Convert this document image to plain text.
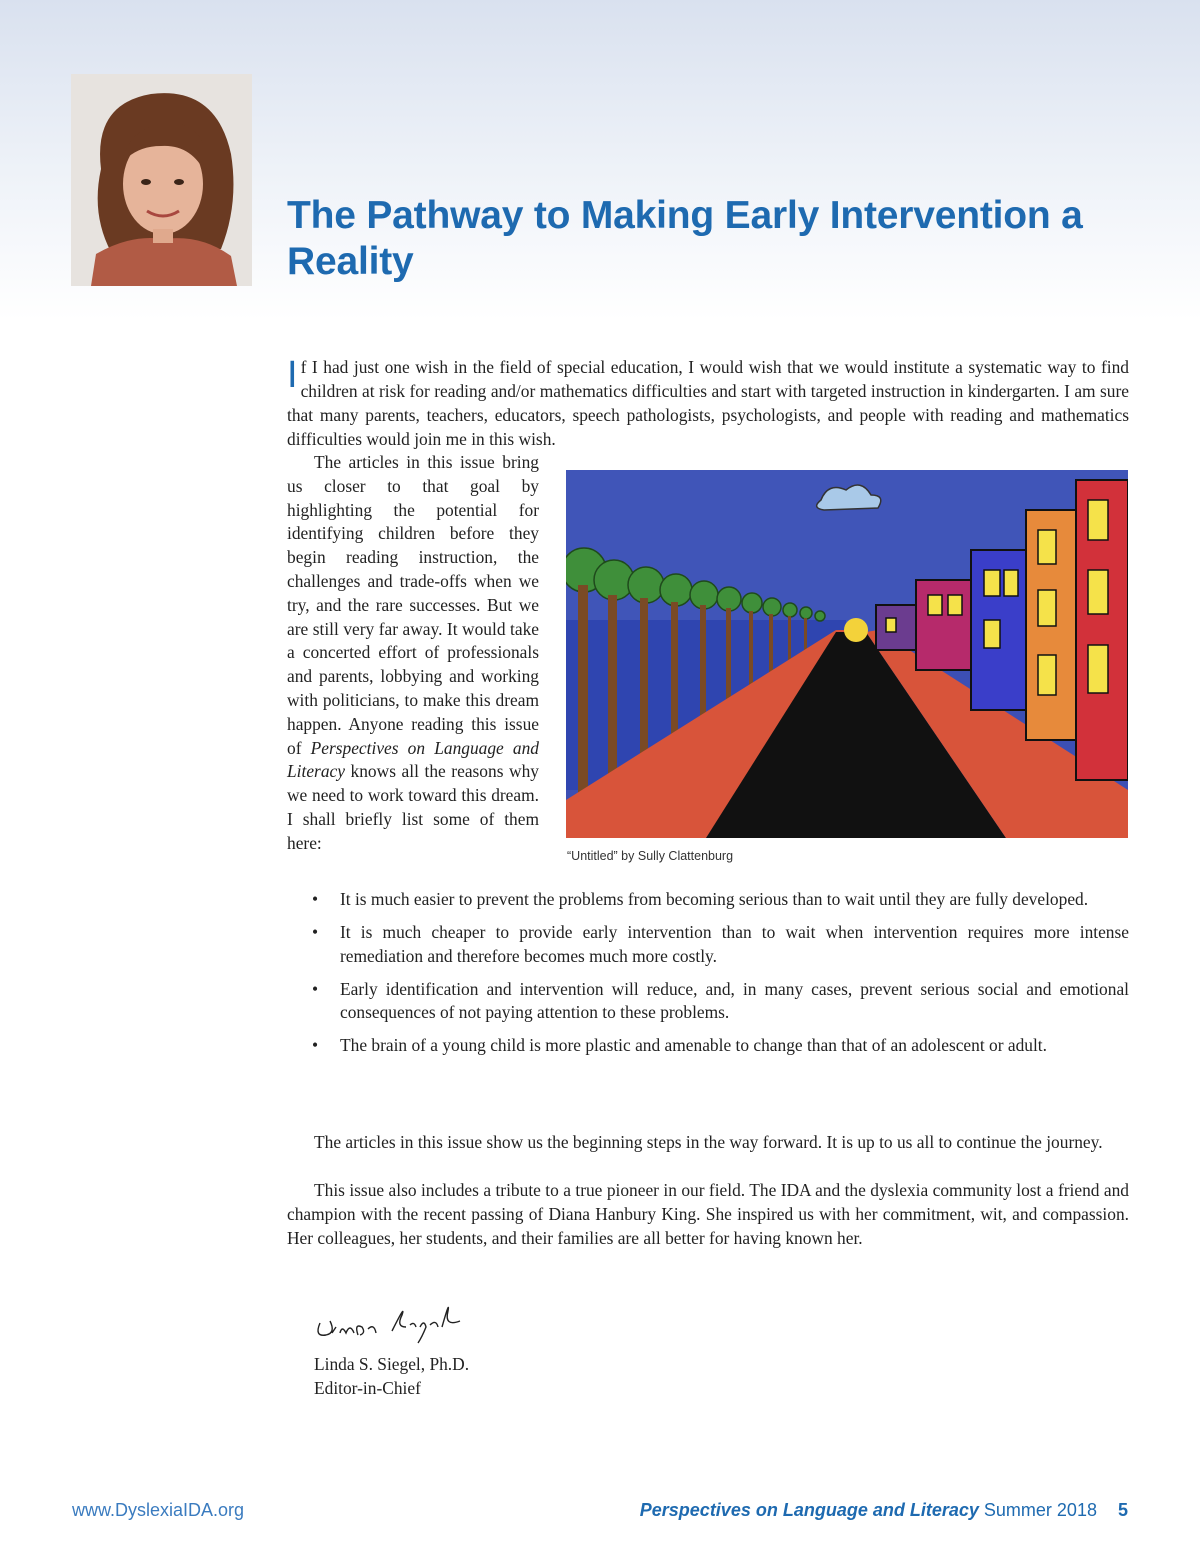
The Pathway to Making Early Intervention a Reality

If I had just one wish in the field of special education, I would wish that we would institute a systematic way to find children at risk for reading and/or mathematics difficulties and start with targeted instruction in kindergarten. I am sure that many parents, teachers, educators, speech pathologists, psychologists, and people with reading and mathematics difficulties would join me in this wish.

The articles in this issue bring us closer to that goal by highlighting the potential for identifying children before they begin reading instruction, the challenges and trade-offs when we try, and the rare successes. But we are still very far away. It would take a concerted effort of professionals and parents, lobbying and working with politicians, to make this dream happen. Anyone reading this issue of Perspectives on Language and Literacy knows all the reasons why we need to work toward this dream. I shall briefly list some of them here:

“Untitled” by Sully Clattenburg

• It is much easier to prevent the problems from becoming serious than to wait until they are fully developed.
• It is much cheaper to provide early intervention than to wait when intervention requires more intense remediation and therefore becomes much more costly.
• Early identification and intervention will reduce, and, in many cases, prevent serious social and emotional consequences of not paying attention to these problems.
• The brain of a young child is more plastic and amenable to change than that of an adolescent or adult.

The articles in this issue show us the beginning steps in the way forward. It is up to us all to continue the journey.

This issue also includes a tribute to a true pioneer in our field. The IDA and the dyslexia community lost a friend and champion with the recent passing of Diana Hanbury King. She inspired us with her commitment, wit, and compassion. Her colleagues, her students, and their families are all better for having known her.

Linda S. Siegel, Ph.D.

Editor-in-Chief

www.DyslexiaIDA.org	Perspectives on Language and Literacy Summer 2018 5
